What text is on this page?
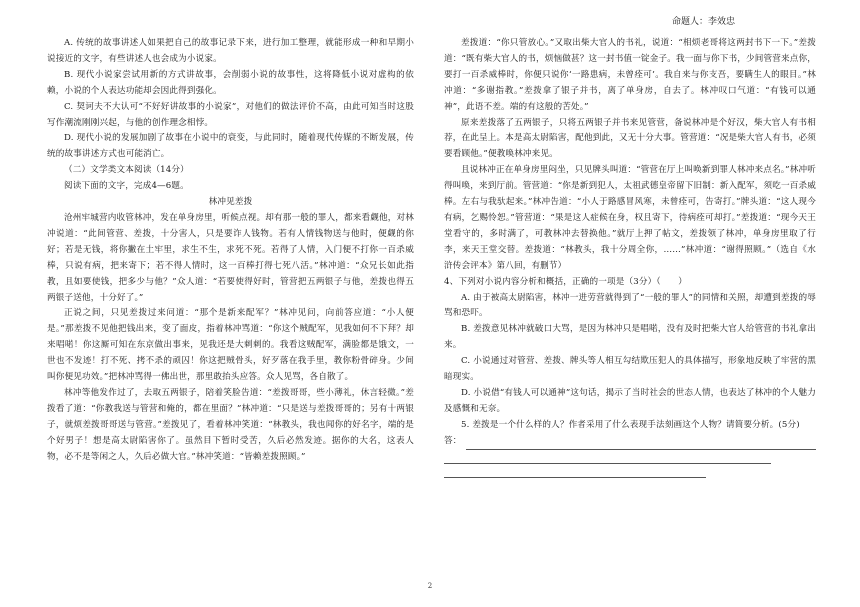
命题人：李效忠

A. 传统的故事讲述人如果把自己的故事记录下来，进行加工整理，就能形成一种和早期小说接近的文字，有些讲述人也会成为小说家。

B. 现代小说家尝试用新的方式讲故事，会削弱小说的故事性，这将降低小说对虚构的依赖，小说的个人表达功能却会因此得到强化。

C. 契诃夫不大认可“不好好讲故事的小说家”，对他们的做法评价不高，由此可知当时这股写作潮流刚刚兴起，与他的创作理念相悖。

D. 现代小说的发展加剧了故事在小说中的衰变，与此同时，随着现代传媒的不断发展，传统的故事讲述方式也可能消亡。

（二）文学类文本阅读（14分）

阅读下面的文字，完成4—6题。

林冲见差拨

沧州牢城营内收管林冲，发在单身房里，听候点视。却有那一般的罪人，都来看觑他，对林冲说道：“此间管营、差拨，十分害人，只是要诈人钱物。若有人情钱物送与他时，便觑的你好；若是无钱，将你撇在土牢里，求生不生，求死不死。若得了人情，入门便不打你一百杀威棒，只说有病，把来寄下；若不得人情时，这一百棒打得七死八活。”林冲道：“众兄长如此指教，且如要使钱，把多少与他？”众人道：“若要使得好时，管营把五两银子与他，差拨也得五两银子送他，十分好了。”

正说之间，只见差拨过来问道：“那个是新来配军？”林冲见问，向前答应道：“小人便是。”那差拨不见他把钱出来，变了面皮，指着林冲骂道：“你这个贼配军，见我如何不下拜？却来唱喏！你这厮可知在东京做出事来，见我还是大刺刺的。我看这贼配军，满脸都是饿文，一世也不发迹！打不死、拷不杀的顽囚！你这把贼骨头，好歹落在我手里，教你粉骨碎身。少间叫你便见功效。”把林冲骂得一佛出世，那里敢抬头应答。众人见骂，各自散了。

林冲等他发作过了，去取五两银子，陪着笑脸告道：“差拨哥哥，些小薄礼，休言轻微。”差拨看了道：“你教我送与管营和俺的，都在里面？”林冲道：“只是送与差拨哥哥的；另有十两银子，就烦差拨哥哥送与管营。”差拨见了，看着林冲笑道：“林教头，我也闻你的好名字，端的是个好男子！想是高太尉陷害你了。虽然目下暂时受苦，久后必然发迹。据你的大名，这表人物，必不是等闲之人，久后必做大官。”林冲笑道：“皆赖差拨照顾。”

差拨道：“你只管放心。”又取出柴大官人的书礼，说道：“相烦老哥将这两封书下一下。”差拨道：“既有柴大官人的书，烦恼做甚？这一封书值一锭金子。我一面与你下书，少间管营来点你，要打一百杀威棒时，你便只说你‘一路患病，未曾痊可’。我自来与你支吾，要瞒生人的眼目。”林冲道：“多谢指教。”差拨拿了银子并书，离了单身房，自去了。林冲叹口气道：“有钱可以通神”，此语不差。端的有这般的苦处。”

原来差拨落了五两银子，只将五两银子并书来见管营，备说林冲是个好汉，柴大官人有书相荐，在此呈上。本是高太尉陷害，配他到此，又无十分大事。管营道：“况是柴大官人有书，必须要看顾他。”便教唤林冲来见。

且说林冲正在单身房里闷坐，只见牌头叫道：“管营在厅上叫唤新到罪人林冲来点名。”林冲听得叫唤，来到厅前。管营道：“你是新到犯人，太祖武德皇帝留下旧制：新入配军，须吃一百杀威棒。左右与我驮起来。”林冲告道：“小人于路感冒风寒，未曾痊可，告寄打。”牌头道：“这人现今有病，乞赐怜恕。”管营道：“果是这人症候在身，权且寄下，待病痊可却打。”差拨道：“现今天王堂看守的，多时满了，可教林冲去替换他。”就厅上押了帖文，差拨领了林冲，单身房里取了行李，来天王堂交替。差拨道：“林教头，我十分周全你，……”林冲道：“谢得照顾。”（选自《水浒传会评本》第八回，有删节）

4、下列对小说内容分析和概括，正确的一项是（3分）（　　）

A. 由于被高太尉陷害，林冲一进劳营就得到了“一般的罪人”的同情和关照，却遭到差拨的辱骂和恐吓。

B. 差拨意见林冲就破口大骂，是因为林冲只是唱喏，没有及时把柴大官人给管营的书礼拿出来。

C. 小说通过对管营、差拨、牌头等人相互勾结欺压犯人的具体描写，形象地反映了牢营的黑暗现实。

D. 小说借“有钱人可以通神”这句话，揭示了当时社会的世态人情，也表达了林冲的个人魅力及感慨和无奈。

5. 差拨是一个什么样的人？作者采用了什么表现手法刻画这个人物？请简要分析。(5分)

答：
2
